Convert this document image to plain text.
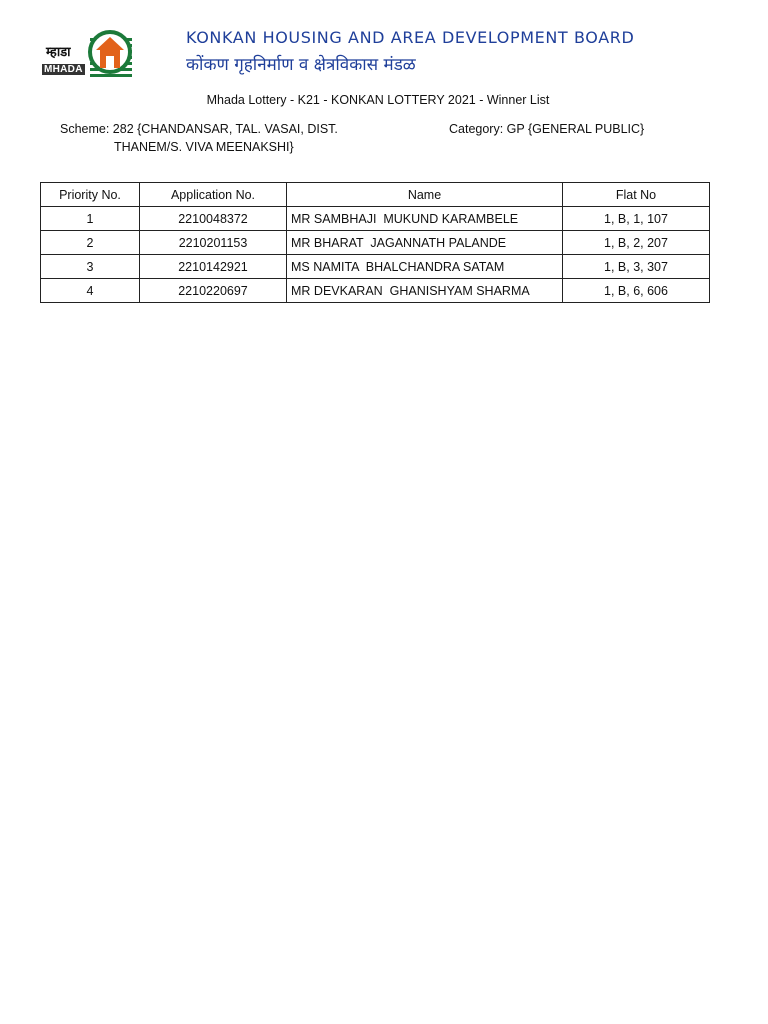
म्हाडा
MHADA
KONKAN HOUSING AND AREA DEVELOPMENT BOARD
कोंकण गृहनिर्माण व क्षेत्रविकास मंडळ
Mhada Lottery - K21 - KONKAN LOTTERY 2021 - Winner List
Scheme: 282 {CHANDANSAR, TAL. VASAI, DIST.
THANEM/S. VIVA MEENAKSHI}
Category: GP {GENERAL PUBLIC}
Priority No.	Application No.	Name	Flat No
1	2210048372	MR SAMBHAJI  MUKUND KARAMBELE	1, B, 1, 107
2	2210201153	MR BHARAT  JAGANNATH PALANDE	1, B, 2, 207
3	2210142921	MS NAMITA  BHALCHANDRA SATAM	1, B, 3, 307
4	2210220697	MR DEVKARAN  GHANISHYAM SHARMA	1, B, 6, 606
